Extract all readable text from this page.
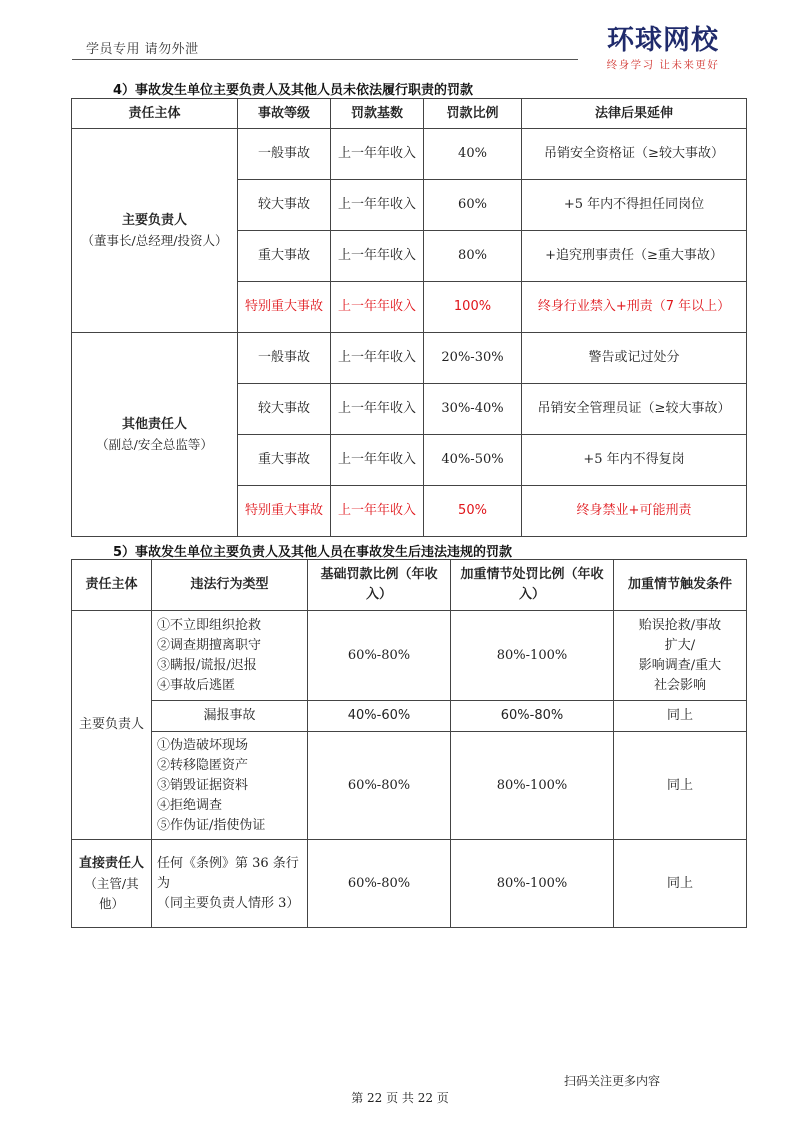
学员专用 请勿外泄	环球网校
终身学习 让未来更好
4）事故发生单位主要负责人及其他人员未依法履行职责的罚款
责任主体	事故等级	罚款基数	罚款比例	法律后果延伸

主要负责人
（董事长/总经理/投资人）	一般事故	上一年年收入	40%	吊销安全资格证（≥较大事故）
	较大事故	上一年年收入	60%	+5 年内不得担任同岗位
	重大事故	上一年年收入	80%	+追究刑事责任（≥重大事故）
	特别重大事故	上一年年收入	100%	终身行业禁入+刑责（7 年以上）

其他责任人
（副总/安全总监等）	一般事故	上一年年收入	20%-30%	警告或记过处分
	较大事故	上一年年收入	30%-40%	吊销安全管理员证（≥较大事故）
	重大事故	上一年年收入	40%-50%	+5 年内不得复岗
	特别重大事故	上一年年收入	50%	终身禁业+可能刑责
5）事故发生单位主要负责人及其他人员在事故发生后违法违规的罚款
责任主体	违法行为类型	基础罚款比例（年收入）	加重情节处罚比例（年收入）	加重情节触发条件
主要负责人	①不立即组织抢救
②调查期擅离职守
③瞒报/谎报/迟报
④事故后逃匿	60%-80%	80%-100%	贻误抢救/事故
扩大/
影响调查/重大
社会影响

	漏报事故	40%-60%	60%-80%	同上

	①伪造破坏现场
②转移隐匿资产
③销毁证据资料
④拒绝调查
⑤作伪证/指使伪证	60%-80%	80%-100%	同上

直接责任人
（主管/其他）	任何《条例》第 36 条行为
（同主要负责人情形 3）	60%-80%	80%-100%	同上
扫码关注更多内容
第 22 页 共 22 页
